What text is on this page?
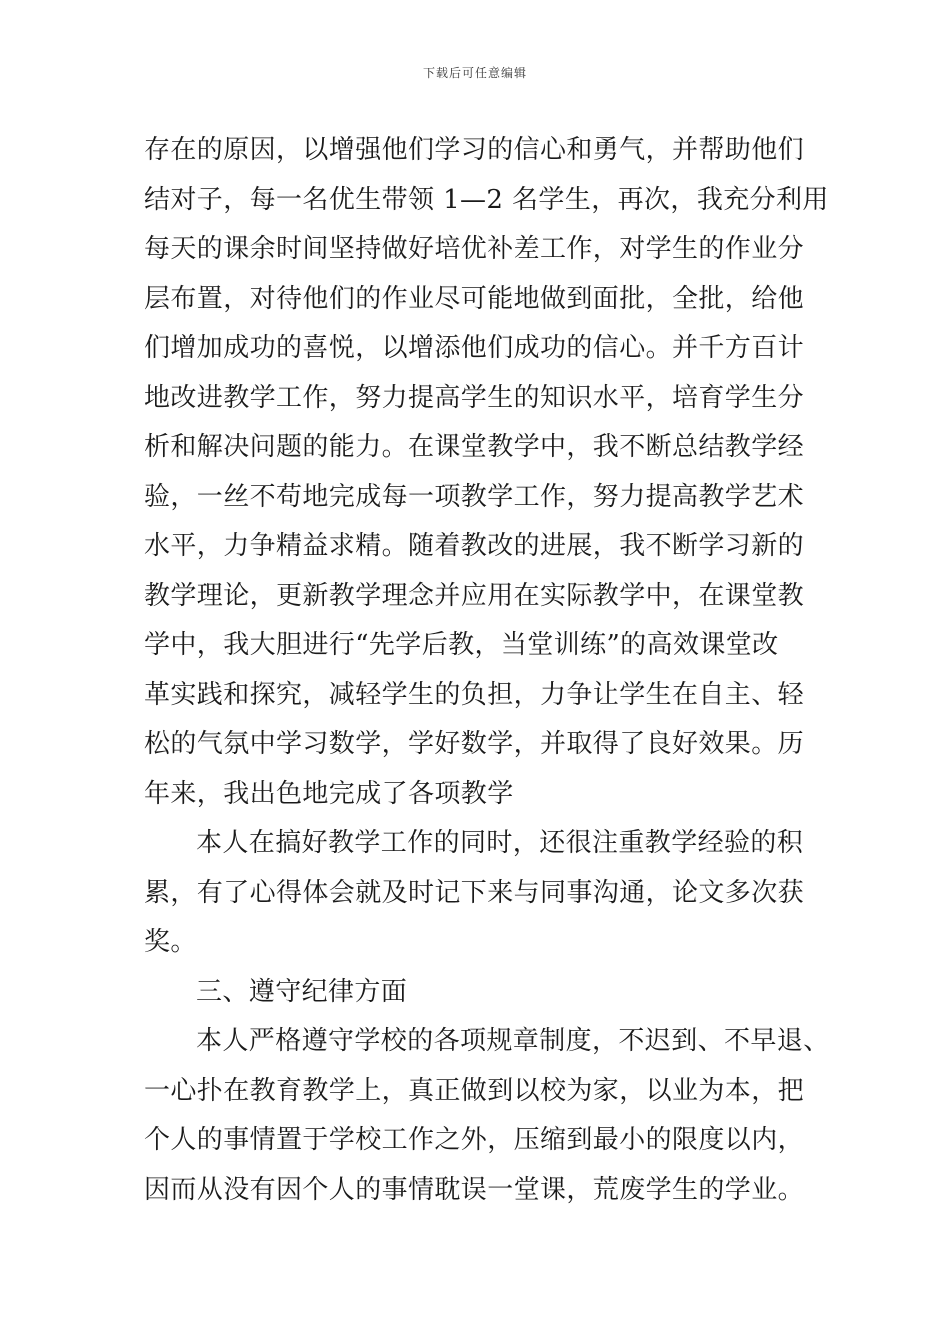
下载后可任意编辑
存在的原因，以增强他们学习的信心和勇气，并帮助他们
结对子，每一名优生带领 1—2 名学生，再次，我充分利用
每天的课余时间坚持做好培优补差工作，对学生的作业分
层布置，对待他们的作业尽可能地做到面批，全批，给他
们增加成功的喜悦，以增添他们成功的信心。并千方百计
地改进教学工作，努力提高学生的知识水平，培育学生分
析和解决问题的能力。在课堂教学中，我不断总结教学经
验，一丝不苟地完成每一项教学工作，努力提高教学艺术
水平，力争精益求精。随着教改的进展，我不断学习新的
教学理论，更新教学理念并应用在实际教学中，在课堂教
学中，我大胆进行“先学后教，当堂训练”的高效课堂改
革实践和探究，减轻学生的负担，力争让学生在自主、轻
松的气氛中学习数学，学好数学，并取得了良好效果。历
年来，我出色地完成了各项教学
本人在搞好教学工作的同时，还很注重教学经验的积
累，有了心得体会就及时记下来与同事沟通，论文多次获
奖。
三、遵守纪律方面
本人严格遵守学校的各项规章制度，不迟到、不早退、
一心扑在教育教学上，真正做到以校为家，以业为本，把
个人的事情置于学校工作之外，压缩到最小的限度以内，
因而从没有因个人的事情耽误一堂课，荒废学生的学业。
